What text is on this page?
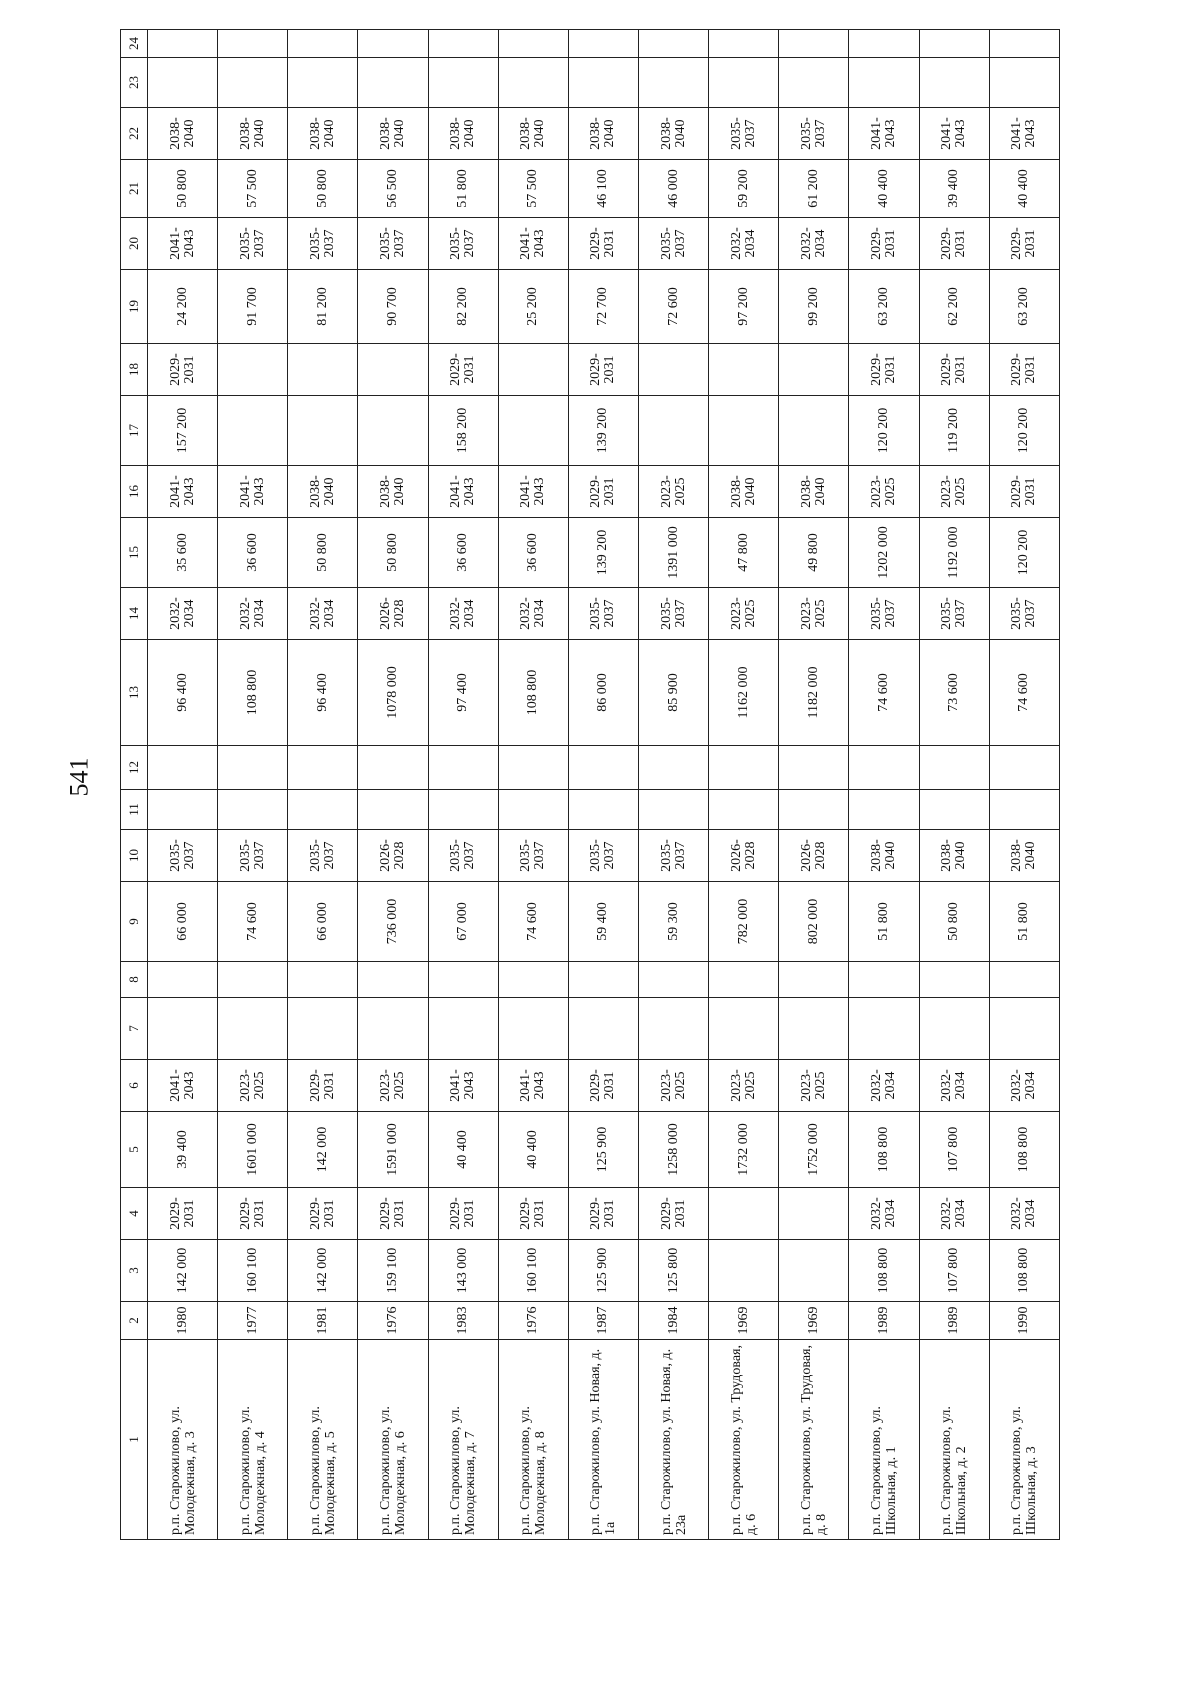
541
1	2	3	4	5	6	7	8	9	10	11	12	13	14	15	16	17	18	19	20	21	22	23	24
р.п. Старожилово, ул. Молодежная, д. 3	1980	142 000	2029-2031	39 400	2041-2043			66 000	2035-2037			96 400	2032-2034	35 600	2041-2043	157 200	2029-2031	24 200	2041-2043	50 800	2038-2040		
р.п. Старожилово, ул. Молодежная, д. 4	1977	160 100	2029-2031	1601 000	2023-2025			74 600	2035-2037			108 800	2032-2034	36 600	2041-2043			91 700	2035-2037	57 500	2038-2040		
р.п. Старожилово, ул. Молодежная, д. 5	1981	142 000	2029-2031	142 000	2029-2031			66 000	2035-2037			96 400	2032-2034	50 800	2038-2040			81 200	2035-2037	50 800	2038-2040		
р.п. Старожилово, ул. Молодежная, д. 6	1976	159 100	2029-2031	1591 000	2023-2025			736 000	2026-2028			1078 000	2026-2028	50 800	2038-2040			90 700	2035-2037	56 500	2038-2040		
р.п. Старожилово, ул. Молодежная, д. 7	1983	143 000	2029-2031	40 400	2041-2043			67 000	2035-2037			97 400	2032-2034	36 600	2041-2043	158 200	2029-2031	82 200	2035-2037	51 800	2038-2040		
р.п. Старожилово, ул. Молодежная, д. 8	1976	160 100	2029-2031	40 400	2041-2043			74 600	2035-2037			108 800	2032-2034	36 600	2041-2043			25 200	2041-2043	57 500	2038-2040		
р.п. Старожилово, ул. Новая, д. 1а	1987	125 900	2029-2031	125 900	2029-2031			59 400	2035-2037			86 000	2035-2037	139 200	2029-2031	139 200	2029-2031	72 700	2029-2031	46 100	2038-2040		
р.п. Старожилово, ул. Новая, д. 23а	1984	125 800	2029-2031	1258 000	2023-2025			59 300	2035-2037			85 900	2035-2037	1391 000	2023-2025			72 600	2035-2037	46 000	2038-2040		
р.п. Старожилово, ул. Трудовая, д. 6	1969			1732 000	2023-2025			782 000	2026-2028			1162 000	2023-2025	47 800	2038-2040			97 200	2032-2034	59 200	2035-2037		
р.п. Старожилово, ул. Трудовая, д. 8	1969			1752 000	2023-2025			802 000	2026-2028			1182 000	2023-2025	49 800	2038-2040			99 200	2032-2034	61 200	2035-2037		
р.п. Старожилово, ул. Школьная, д. 1	1989	108 800	2032-2034	108 800	2032-2034			51 800	2038-2040			74 600	2035-2037	1202 000	2023-2025	120 200	2029-2031	63 200	2029-2031	40 400	2041-2043		
р.п. Старожилово, ул. Школьная, д. 2	1989	107 800	2032-2034	107 800	2032-2034			50 800	2038-2040			73 600	2035-2037	1192 000	2023-2025	119 200	2029-2031	62 200	2029-2031	39 400	2041-2043		
р.п. Старожилово, ул. Школьная, д. 3	1990	108 800	2032-2034	108 800	2032-2034			51 800	2038-2040			74 600	2035-2037	120 200	2029-2031	120 200	2029-2031	63 200	2029-2031	40 400	2041-2043		
